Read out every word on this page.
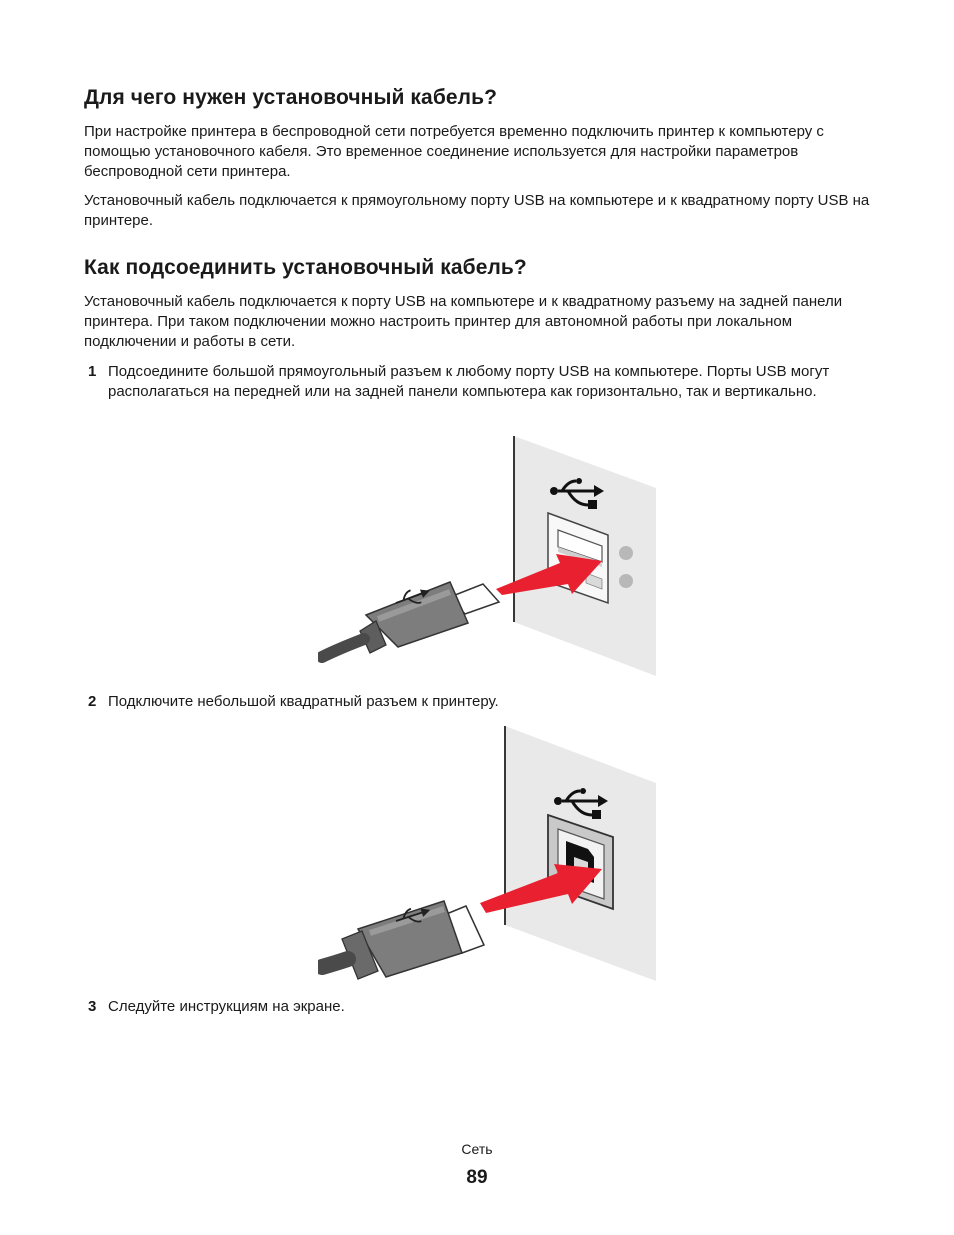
Для чего нужен установочный кабель?

При настройке принтера в беспроводной сети потребуется временно подключить принтер к компьютеру с помощью установочного кабеля. Это временное соединение используется для настройки параметров беспроводной сети принтера.

Установочный кабель подключается к прямоугольному порту USB на компьютере и к квадратному порту USB на принтере.

Как подсоединить установочный кабель?

Установочный кабель подключается к порту USB на компьютере и к квадратному разъему на задней панели принтера. При таком подключении можно настроить принтер для автономной работы при локальном подключении и работы в сети.

1 Подсоедините большой прямоугольный разъем к любому порту USB на компьютере. Порты USB могут располагаться на передней или на задней панели компьютера как горизонтально, так и вертикально.
2 Подключите небольшой квадратный разъем к принтеру.
3 Следуйте инструкциям на экране.
Сеть
89
